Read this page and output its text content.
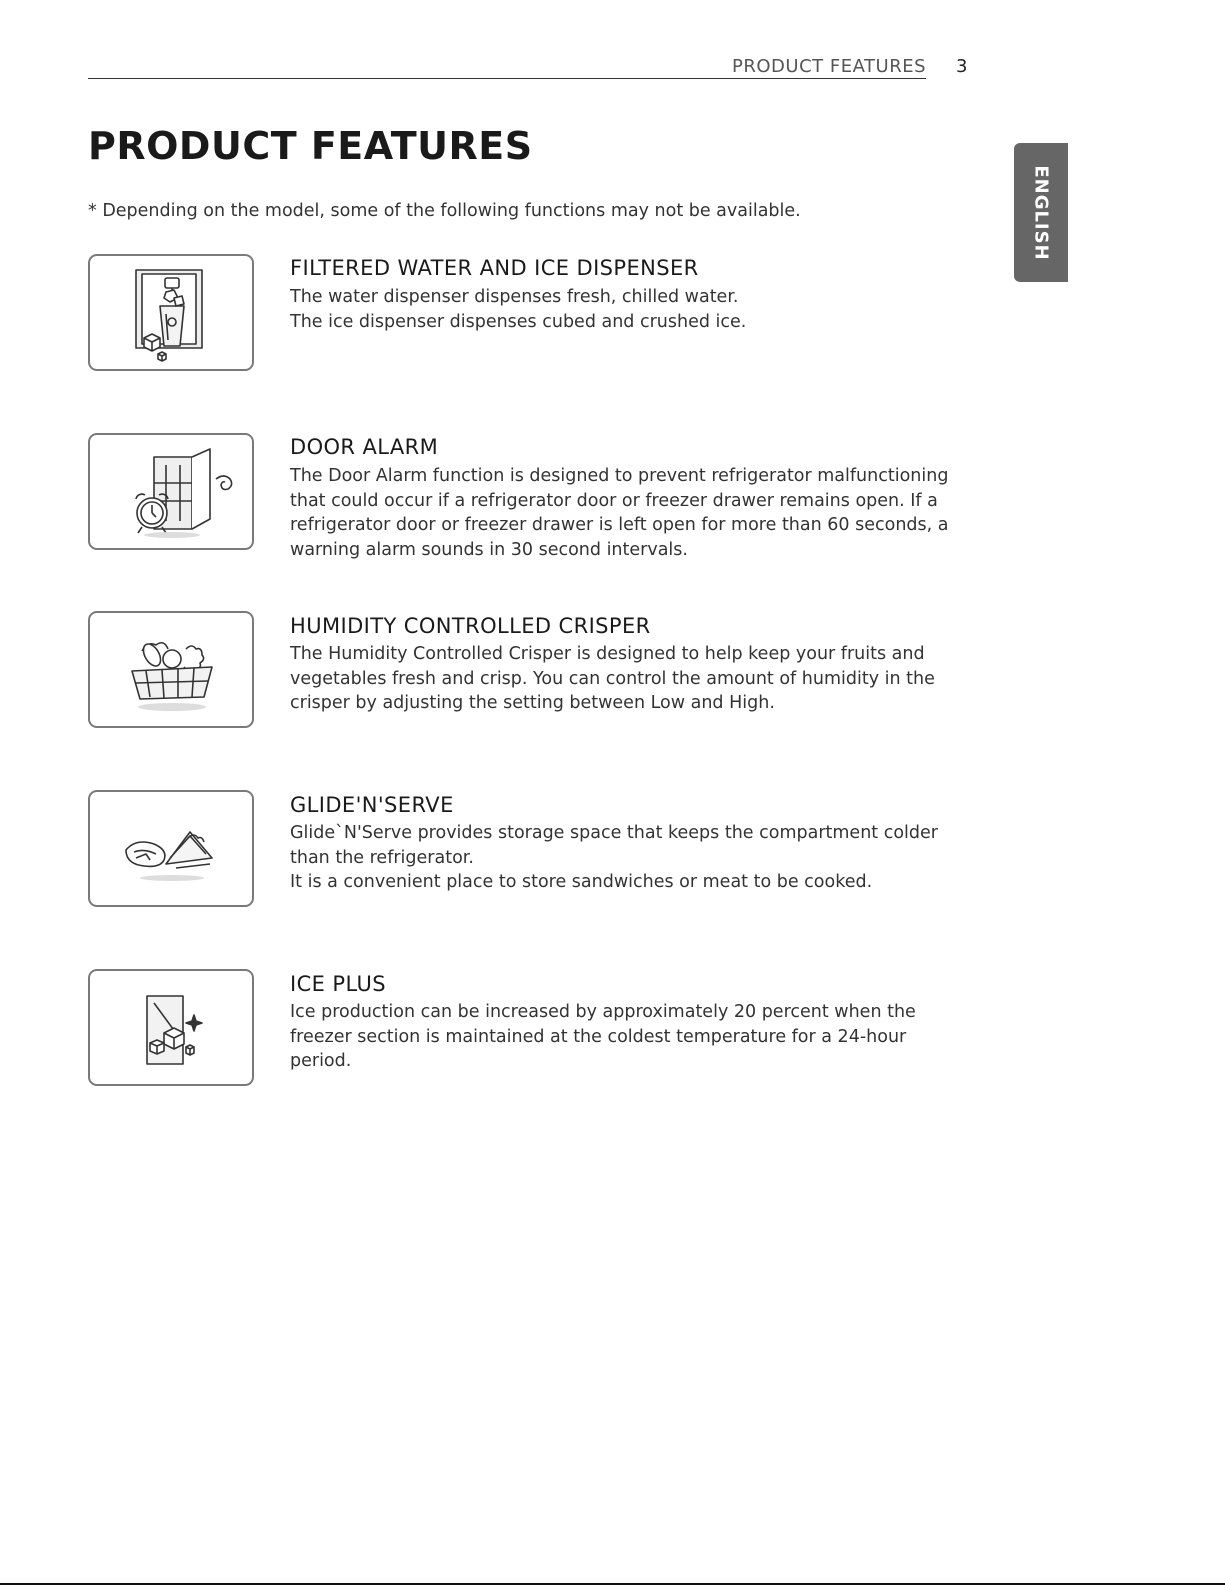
PRODUCT FEATURES 3
ENGLISH
PRODUCT FEATURES
* Depending on the model, some of the following functions may not be available.
FILTERED WATER AND ICE DISPENSER

The water dispenser dispenses fresh, chilled water.
The ice dispenser dispenses cubed and crushed ice.

DOOR ALARM

The Door Alarm function is designed to prevent refrigerator malfunctioning that could occur if a refrigerator door or freezer drawer remains open. If a refrigerator door or freezer drawer is left open for more than 60 seconds, a warning alarm sounds in 30 second intervals.

HUMIDITY CONTROLLED CRISPER

The Humidity Controlled Crisper is designed to help keep your fruits and vegetables fresh and crisp. You can control the amount of humidity in the crisper by adjusting the setting between Low and High.

GLIDE'N'SERVE

Glide`N'Serve provides storage space that keeps the compartment colder than the refrigerator.
It is a convenient place to store sandwiches or meat to be cooked.

ICE PLUS

Ice production can be increased by approximately 20 percent when the freezer section is maintained at the coldest temperature for a 24-hour period.
